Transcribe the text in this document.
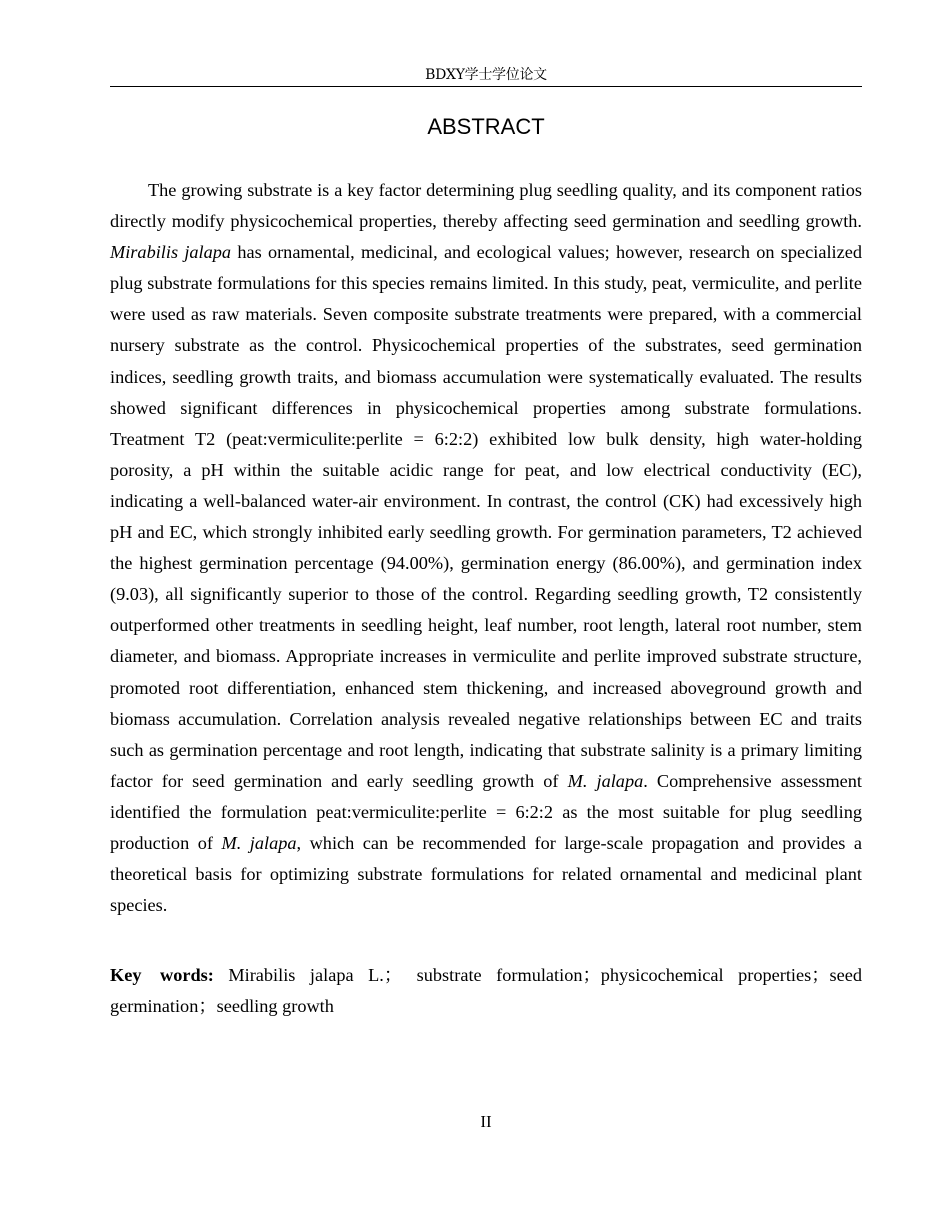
BDXY学士学位论文
ABSTRACT

The growing substrate is a key factor determining plug seedling quality, and its component ratios directly modify physicochemical properties, thereby affecting seed germination and seedling growth. Mirabilis jalapa has ornamental, medicinal, and ecological values; however, research on specialized plug substrate formulations for this species remains limited. In this study, peat, vermiculite, and perlite were used as raw materials. Seven composite substrate treatments were prepared, with a commercial nursery substrate as the control. Physicochemical properties of the substrates, seed germination indices, seedling growth traits, and biomass accumulation were systematically evaluated. The results showed significant differences in physicochemical properties among substrate formulations. Treatment T2 (peat:vermiculite:perlite = 6:2:2) exhibited low bulk density, high water-holding porosity, a pH within the suitable acidic range for peat, and low electrical conductivity (EC), indicating a well-balanced water-air environment. In contrast, the control (CK) had excessively high pH and EC, which strongly inhibited early seedling growth. For germination parameters, T2 achieved the highest germination percentage (94.00%), germination energy (86.00%), and germination index (9.03), all significantly superior to those of the control. Regarding seedling growth, T2 consistently outperformed other treatments in seedling height, leaf number, root length, lateral root number, stem diameter, and biomass. Appropriate increases in vermiculite and perlite improved substrate structure, promoted root differentiation, enhanced stem thickening, and increased aboveground growth and biomass accumulation. Correlation analysis revealed negative relationships between EC and traits such as germination percentage and root length, indicating that substrate salinity is a primary limiting factor for seed germination and early seedling growth of M. jalapa. Comprehensive assessment identified the formulation peat:vermiculite:perlite = 6:2:2 as the most suitable for plug seedling production of M. jalapa, which can be recommended for large-scale propagation and provides a theoretical basis for optimizing substrate formulations for related ornamental and medicinal plant species.

Key words: Mirabilis jalapa L.； substrate formulation；physicochemical properties；seed germination；seedling growth

II
